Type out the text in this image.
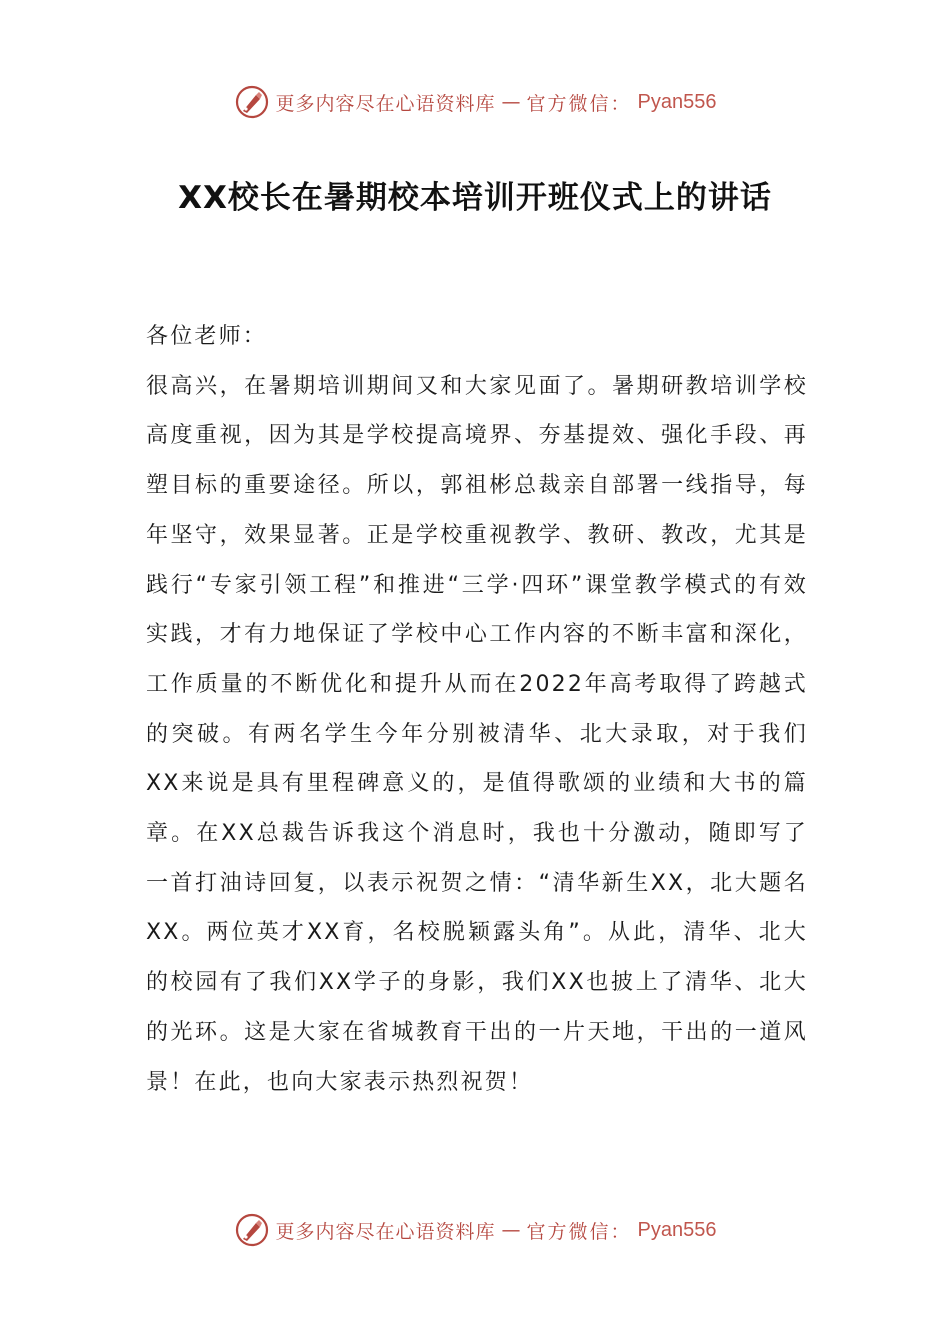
更多内容尽在心语资料库 — 官方微信： Pyan556
XX校长在暑期校本培训开班仪式上的讲话

各位老师：

很高兴，在暑期培训期间又和大家见面了。暑期研教培训学校高度重视，因为其是学校提高境界、夯基提效、强化手段、再塑目标的重要途径。所以，郭祖彬总裁亲自部署一线指导，每年坚守，效果显著。正是学校重视教学、教研、教改，尤其是践行“专家引领工程”和推进“三学·四环”课堂教学模式的有效实践，才有力地保证了学校中心工作内容的不断丰富和深化，工作质量的不断优化和提升从而在2022年高考取得了跨越式的突破。有两名学生今年分别被清华、北大录取，对于我们XX来说是具有里程碑意义的，是值得歌颂的业绩和大书的篇章。在XX总裁告诉我这个消息时，我也十分激动，随即写了一首打油诗回复，以表示祝贺之情：“清华新生XX，北大题名XX。两位英才XX育，名校脱颖露头角”。从此，清华、北大的校园有了我们XX学子的身影，我们XX也披上了清华、北大的光环。这是大家在省城教育干出的一片天地，干出的一道风景！在此，也向大家表示热烈祝贺！

更多内容尽在心语资料库 — 官方微信： Pyan556
